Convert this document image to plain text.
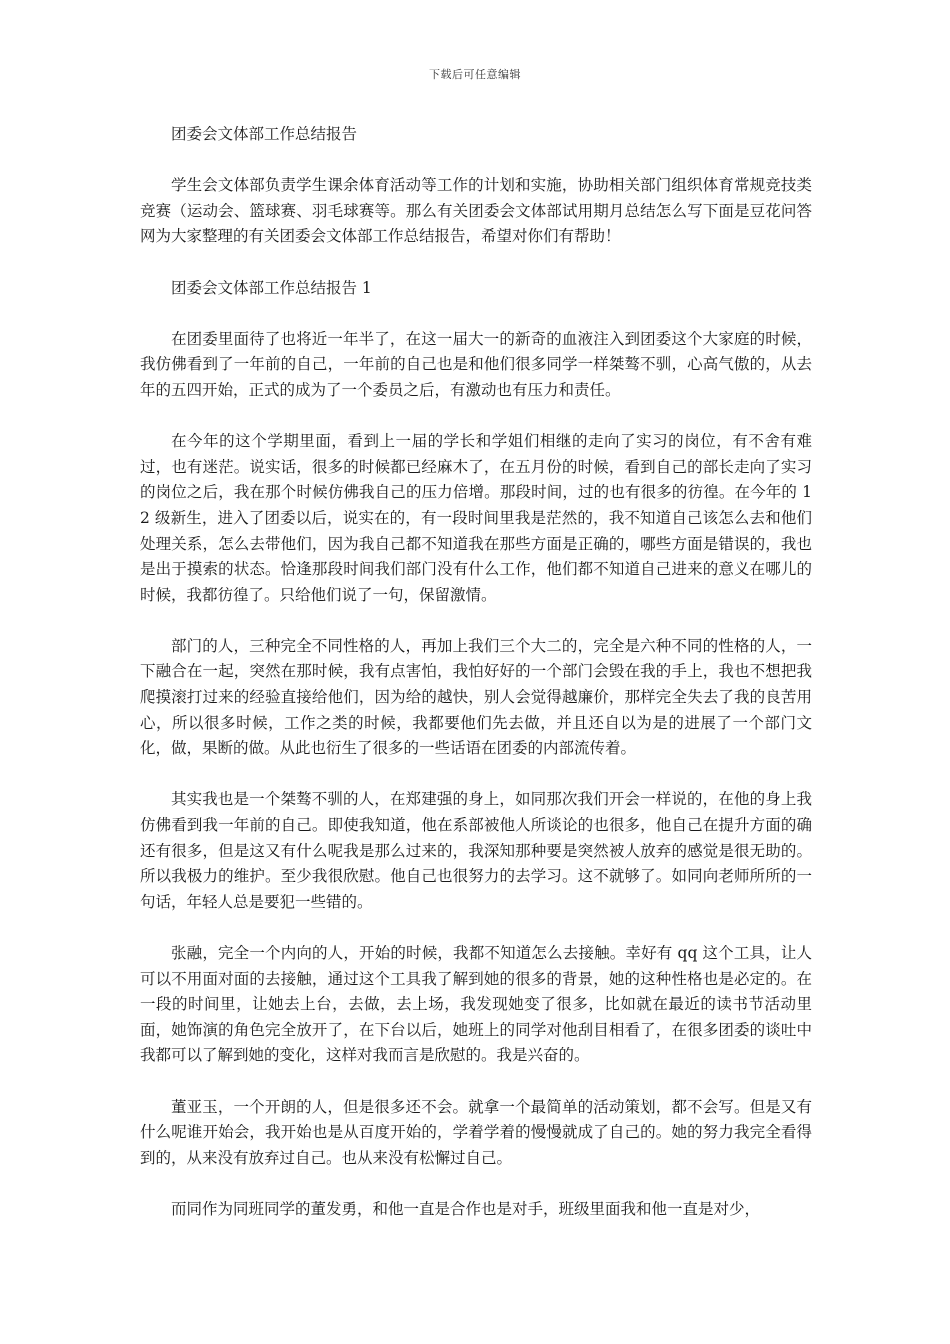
下载后可任意编辑

团委会文体部工作总结报告

学生会文体部负责学生课余体育活动等工作的计划和实施，协助相关部门组织体育常规竞技类 竞赛（运动会、篮球赛、羽毛球赛等。那么有关团委会文体部试用期月总结怎么写下面是豆花问答网为大家整理的有关团委会文体部工作总结报告，希望对你们有帮助！

团委会文体部工作总结报告 1

在团委里面待了也将近一年半了，在这一届大一的新奇的血液注入到团委这个大家庭的时候，我仿佛看到了一年前的自己，一年前的自己也是和他们很多同学一样桀骜不驯，心高气傲的，从去年的五四开始，正式的成为了一个委员之后，有激动也有压力和责任。

在今年的这个学期里面，看到上一届的学长和学姐们相继的走向了实习的岗位，有不舍有难过，也有迷茫。说实话，很多的时候都已经麻木了，在五月份的时候，看到自己的部长走向了实习的岗位之后，我在那个时候仿佛我自己的压力倍增。那段时间，过的也有很多的彷徨。在今年的 12 级新生，进入了团委以后，说实在的，有一段时间里我是茫然的，我不知道自己该怎么去和他们处理关系，怎么去带他们，因为我自己都不知道我在那些方面是正确的，哪些方面是错误的，我也是出于摸索的状态。恰逢那段时间我们部门没有什么工作，他们都不知道自己进来的意义在哪儿的时候，我都彷徨了。只给他们说了一句，保留激情。

部门的人，三种完全不同性格的人，再加上我们三个大二的，完全是六种不同的性格的人，一下融合在一起，突然在那时候，我有点害怕，我怕好好的一个部门会毁在我的手上，我也不想把我爬摸滚打过来的经验直接给他们，因为给的越快，别人会觉得越廉价，那样完全失去了我的良苦用心，所以很多时候，工作之类的时候，我都要他们先去做，并且还自以为是的进展了一个部门文化，做，果断的做。从此也衍生了很多的一些话语在团委的内部流传着。

其实我也是一个桀骜不驯的人，在郑建强的身上，如同那次我们开会一样说的，在他的身上我仿佛看到我一年前的自己。即使我知道，他在系部被他人所谈论的也很多，他自己在提升方面的确还有很多，但是这又有什么呢我是那么过来的，我深知那种要是突然被人放弃的感觉是很无助的。所以我极力的维护。至少我很欣慰。他自己也很努力的去学习。这不就够了。如同向老师所所的一句话，年轻人总是要犯一些错的。

张融，完全一个内向的人，开始的时候，我都不知道怎么去接触。幸好有 qq 这个工具，让人可以不用面对面的去接触，通过这个工具我了解到她的很多的背景，她的这种性格也是必定的。在一段的时间里，让她去上台，去做，去上场，我发现她变了很多，比如就在最近的读书节活动里面，她饰演的角色完全放开了，在下台以后，她班上的同学对他刮目相看了，在很多团委的谈吐中我都可以了解到她的变化，这样对我而言是欣慰的。我是兴奋的。

董亚玉，一个开朗的人，但是很多还不会。就拿一个最简单的活动策划，都不会写。但是又有什么呢谁开始会，我开始也是从百度开始的，学着学着的慢慢就成了自己的。她的努力我完全看得到的，从来没有放弃过自己。也从来没有松懈过自己。

而同作为同班同学的董发勇，和他一直是合作也是对手，班级里面我和他一直是对少，
